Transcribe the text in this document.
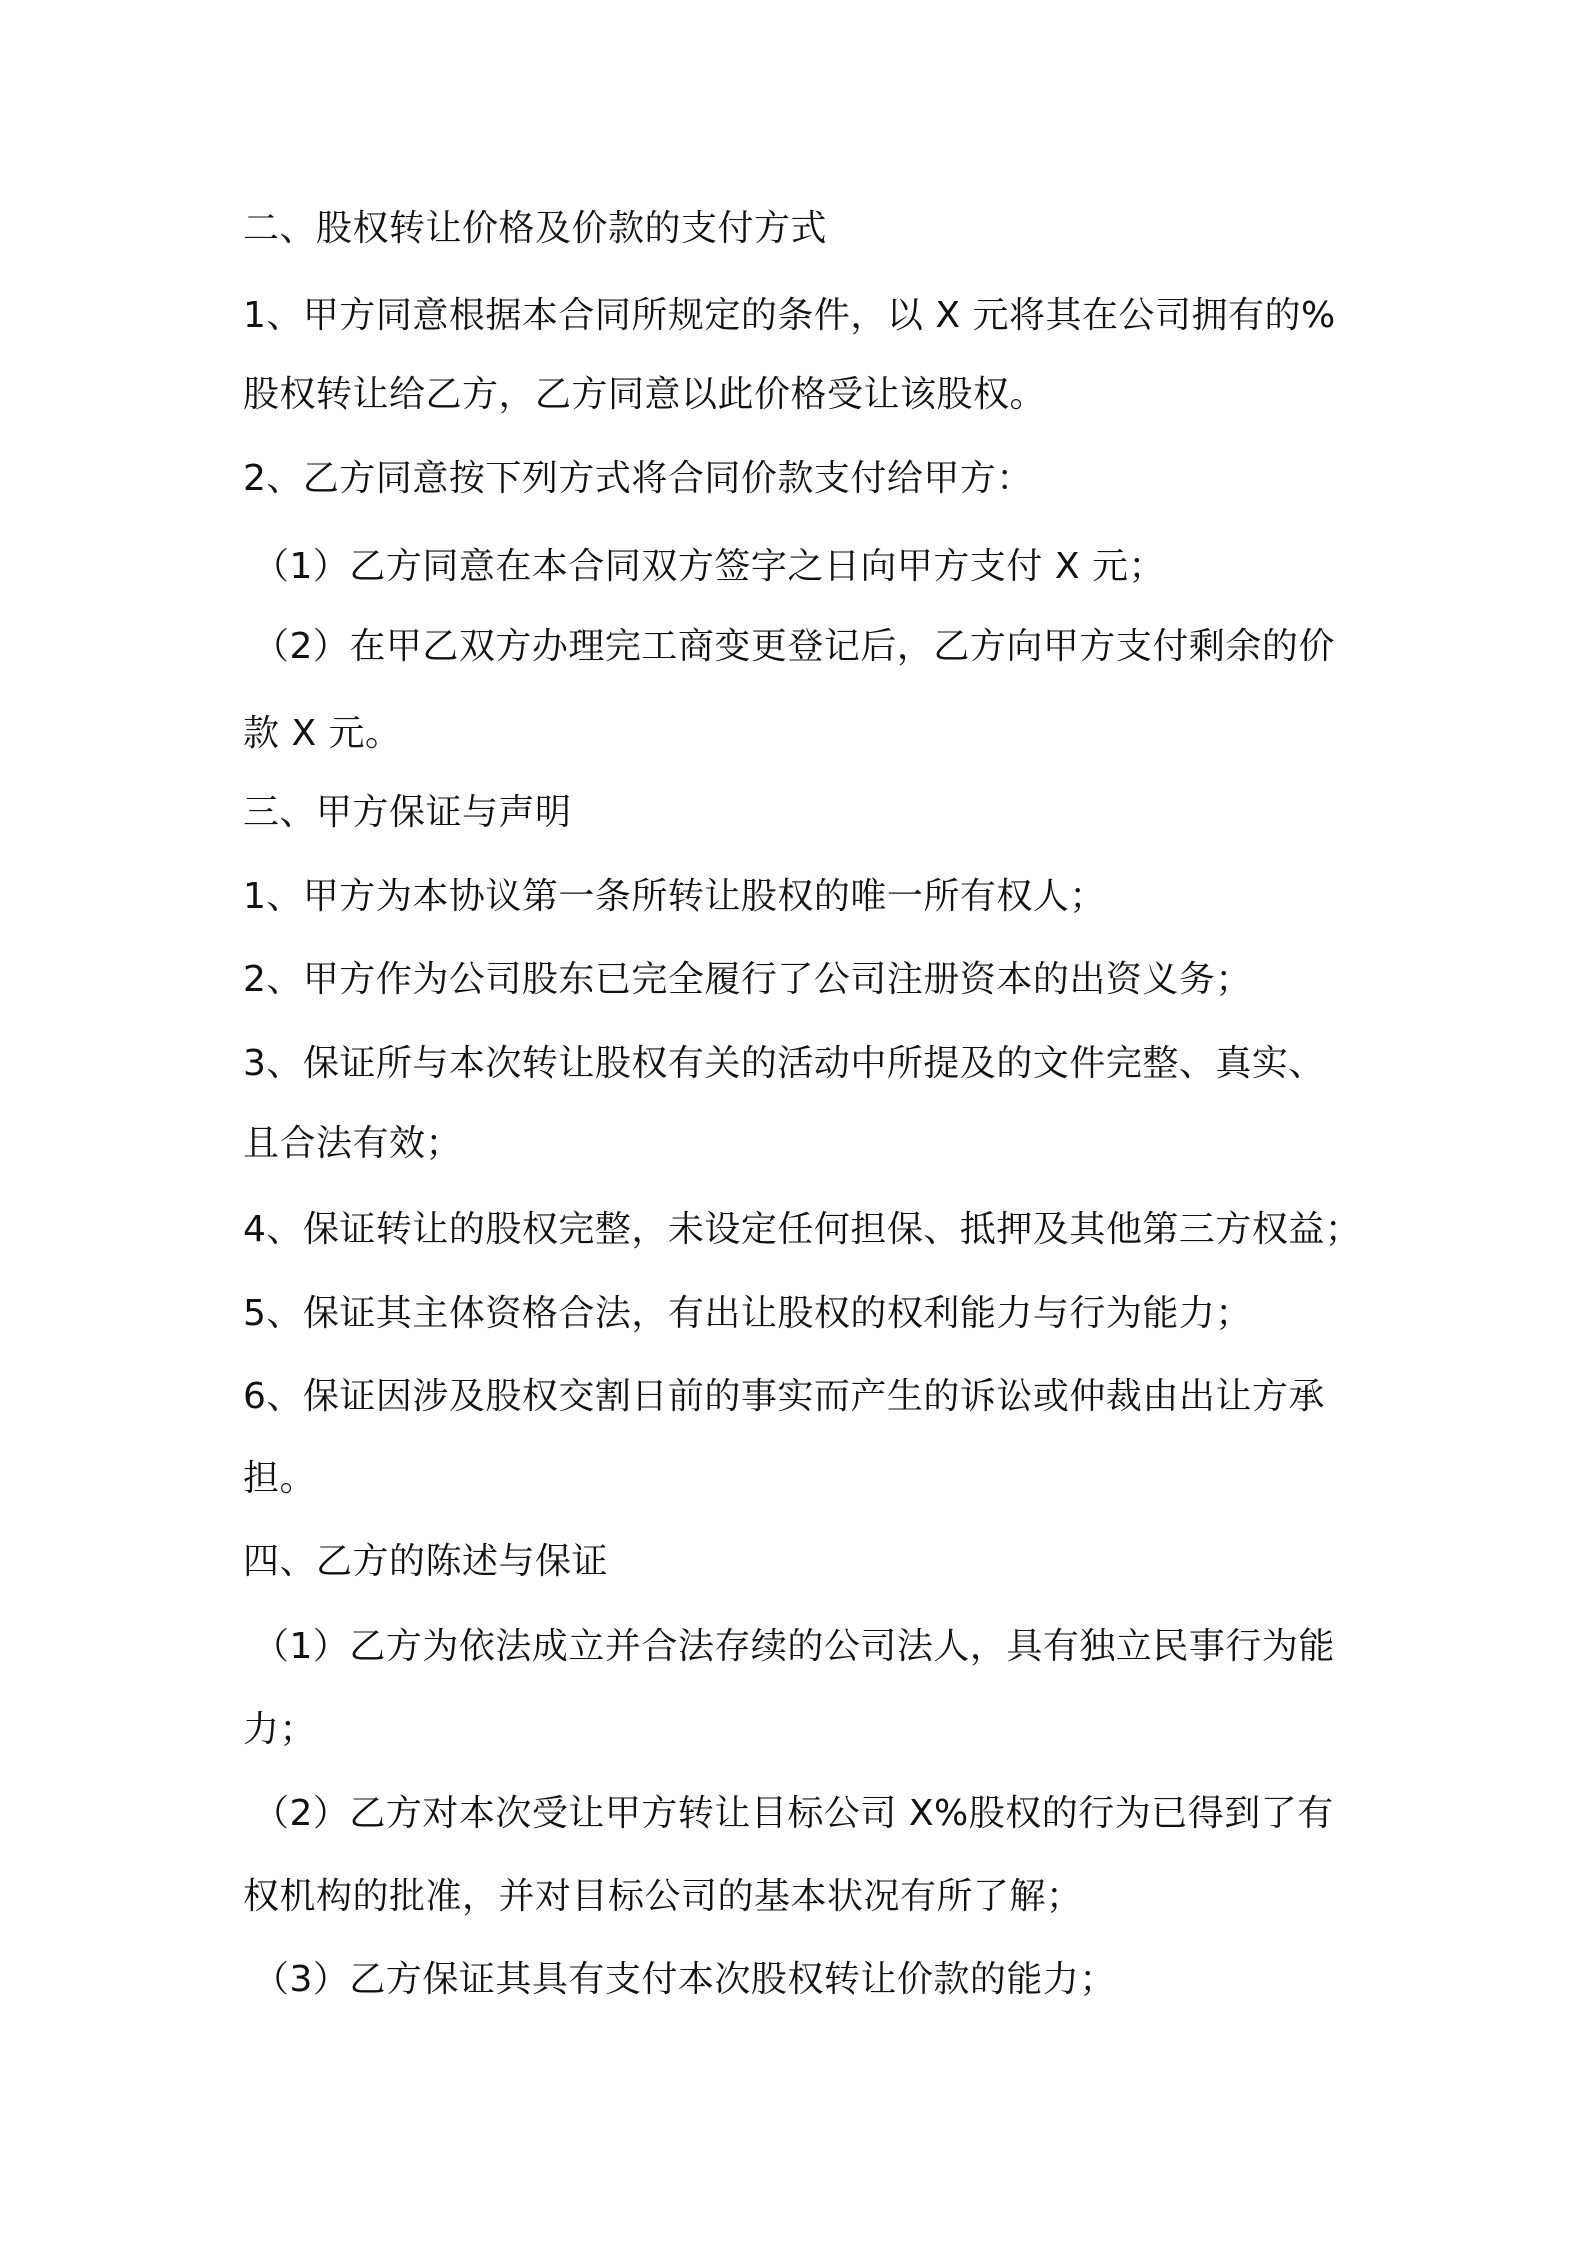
二、股权转让价格及价款的支付方式

1、甲方同意根据本合同所规定的条件，以 X 元将其在公司拥有的%

股权转让给乙方，乙方同意以此价格受让该股权。

2、乙方同意按下列方式将合同价款支付给甲方：

（1）乙方同意在本合同双方签字之日向甲方支付 X 元；

（2）在甲乙双方办理完工商变更登记后，乙方向甲方支付剩余的价

款 X 元。

三、甲方保证与声明

1、甲方为本协议第一条所转让股权的唯一所有权人；

2、甲方作为公司股东已完全履行了公司注册资本的出资义务；

3、保证所与本次转让股权有关的活动中所提及的文件完整、真实、

且合法有效；

4、保证转让的股权完整，未设定任何担保、抵押及其他第三方权益；

5、保证其主体资格合法，有出让股权的权利能力与行为能力；

6、保证因涉及股权交割日前的事实而产生的诉讼或仲裁由出让方承

担。

四、乙方的陈述与保证

（1）乙方为依法成立并合法存续的公司法人，具有独立民事行为能

力；

（2）乙方对本次受让甲方转让目标公司 X%股权的行为已得到了有

权机构的批准，并对目标公司的基本状况有所了解；

（3）乙方保证其具有支付本次股权转让价款的能力；
